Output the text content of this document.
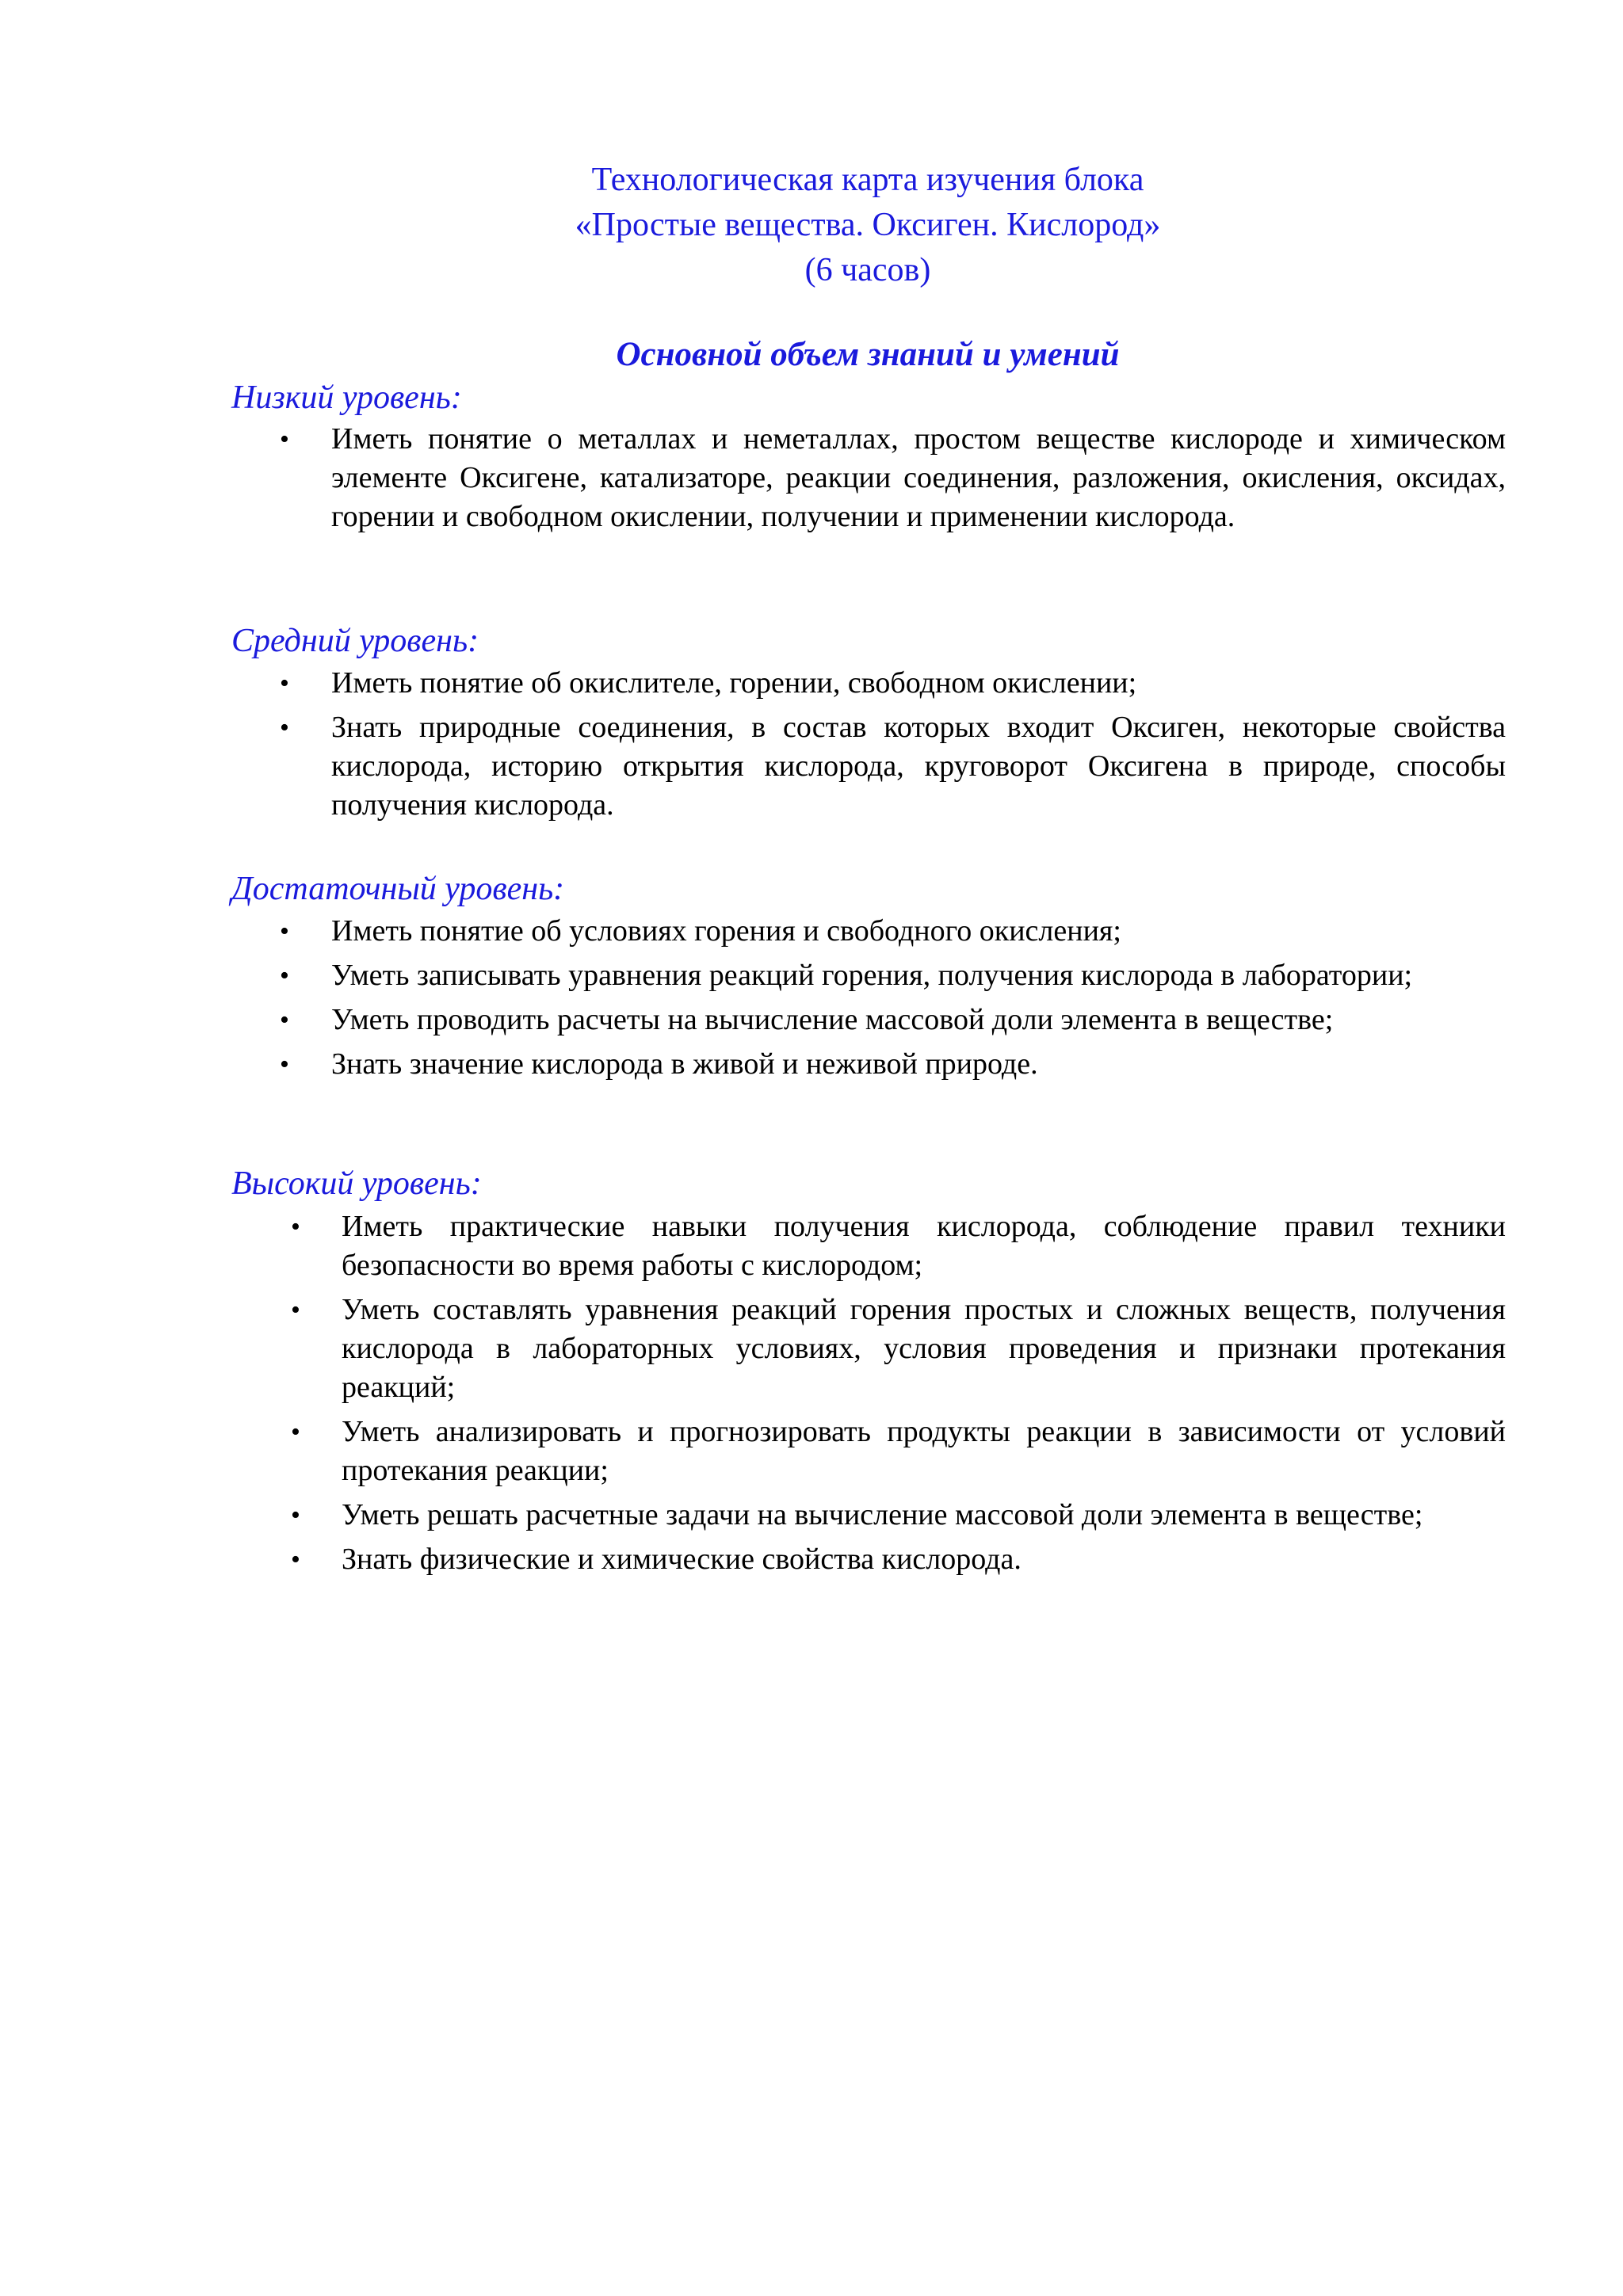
Технологическая карта изучения блока
«Простые вещества. Оксиген. Кислород»
(6 часов)
Основной объем знаний и умений
Низкий уровень:
• Иметь понятие о металлах и неметаллах, простом веществе кислороде и химическом элементе Оксигене, катализаторе, реакции соединения, разложения, окисления, оксидах, горении и свободном окислении, получении и применении кислорода.
Средний уровень:
• Иметь понятие об окислителе, горении, свободном окислении;
• Знать природные соединения, в состав которых входит Оксиген, некоторые свойства кислорода, историю открытия кислорода, круговорот Оксигена в природе, способы получения кислорода.
Достаточный уровень:
• Иметь понятие об условиях горения и свободного окисления;
• Уметь записывать уравнения реакций горения, получения кислорода в лаборатории;
• Уметь проводить расчеты на вычисление массовой доли элемента в веществе;
• Знать значение кислорода в живой и неживой природе.
Высокий уровень:
• Иметь практические навыки получения кислорода, соблюдение правил техники безопасности во время работы с кислородом;
• Уметь составлять уравнения реакций горения простых и сложных веществ, получения кислорода в лабораторных условиях, условия проведения и признаки протекания реакций;
• Уметь анализировать и прогнозировать продукты реакции в зависимости от условий протекания реакции;
• Уметь решать расчетные задачи на вычисление массовой доли элемента в веществе;
• Знать физические и химические свойства кислорода.
